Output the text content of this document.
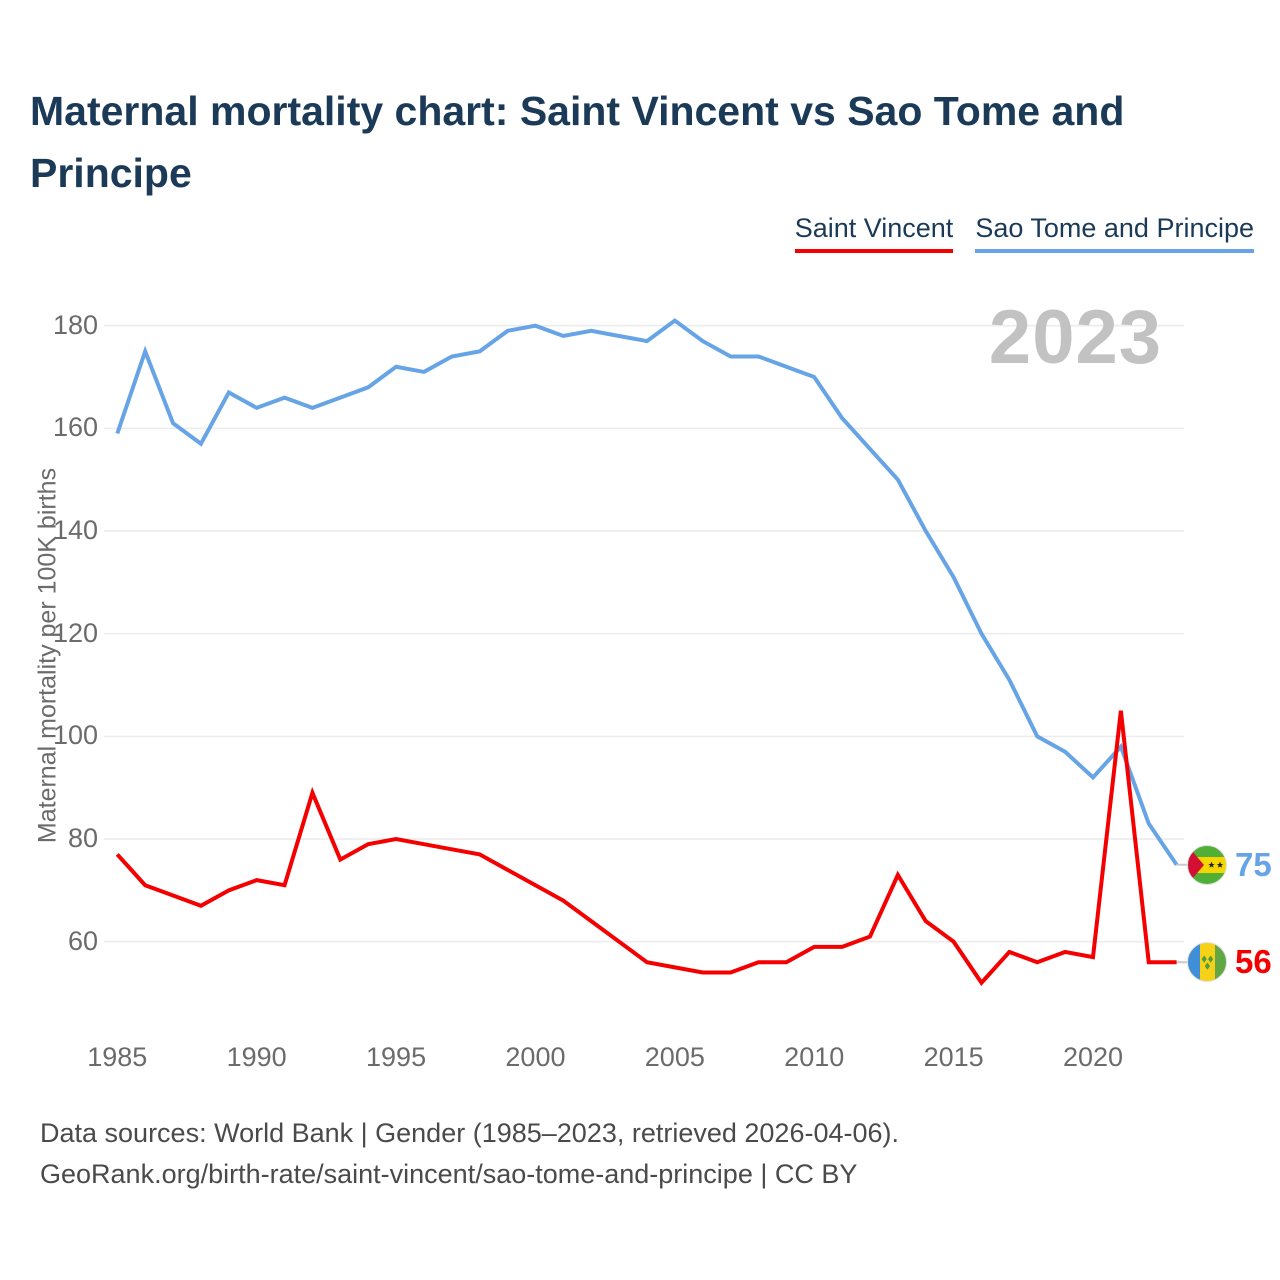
Maternal mortality chart: Saint Vincent vs Sao Tome and
Principe
Saint Vincent Sao Tome and Principe
2023
Maternal mortality per 100K births
60
80
100
120
140
160
180
1985	1990	1995	2000	2005	2010	2015	2020
75
56
Data sources: World Bank | Gender (1985–2023, retrieved 2026-04-06).
GeoRank.org/birth-rate/saint-vincent/sao-tome-and-principe | CC BY
